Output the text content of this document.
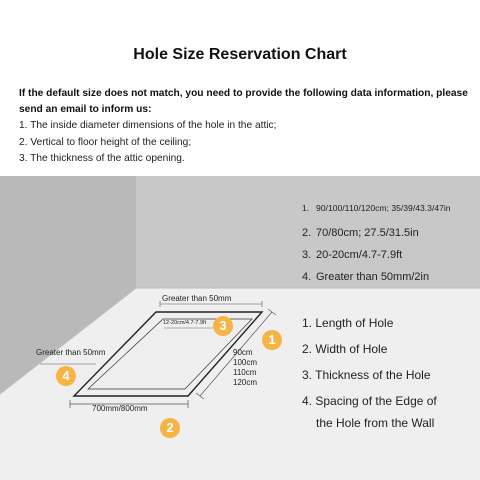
Hole Size Reservation Chart
If the default size does not match, you need to provide the following data information, please send an email to inform us:
1. The inside diameter dimensions of the hole in the attic;
2. Vertical to floor height of the ceiling;
3. The thickness of the attic opening.
Greater than 50mm
Greater than 50mm
12-20cm/4.7-7.9ft
90cm
100cm
110cm
120cm
700mm/800mm
1
2
3
4
1. 90/100/110/120cm; 35/39/43.3/47in
2. 70/80cm; 27.5/31.5in
3. 20-20cm/4.7-7.9ft
4. Greater than 50mm/2in
1. Length of Hole
2. Width of Hole
3. Thickness of the Hole
4. Spacing of the Edge of
the Hole from the Wall
